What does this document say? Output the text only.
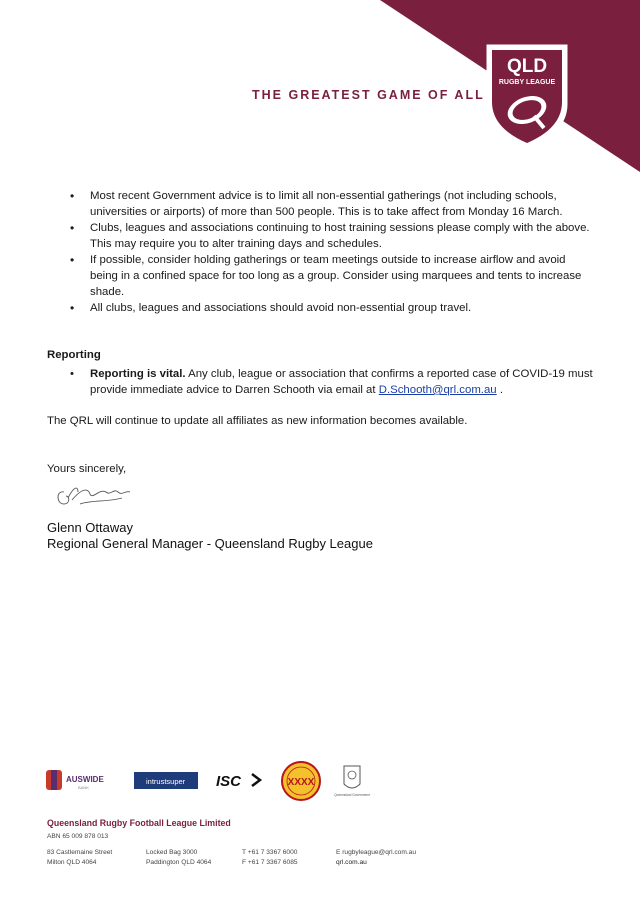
THE GREATEST GAME OF ALL
QLD
RUGBY LEAGUE
• Most recent Government advice is to limit all non-essential gatherings (not including schools, universities or airports) of more than 500 people. This is to take affect from Monday 16 March.
• Clubs, leagues and associations continuing to host training sessions please comply with the above. This may require you to alter training days and schedules.
• If possible, consider holding gatherings or team meetings outside to increase airflow and avoid being in a confined space for too long as a group. Consider using marquees and tents to increase shade.
• All clubs, leagues and associations should avoid non-essential group travel.
Reporting
• Reporting is vital. Any club, league or association that confirms a reported case of COVID-19 must provide immediate advice to Darren Schooth via email at D.Schooth@qrl.com.au .
The QRL will continue to update all affiliates as new information becomes available.
Yours sincerely,
Glenn Ottaway
Regional General Manager - Queensland Rugby League
AUSWIDE
BANK
intrustsuper ISC	XXXX
Queensland Government
Queensland Rugby Football League Limited
ABN 65 009 878 013
83 Castlemaine Street
Milton QLD 4064
Locked Bag 3000
Paddington QLD 4064
T +61 7 3367 6000
F +61 7 3367 6085
E rugbyleague@qrl.com.au
qrl.com.au
